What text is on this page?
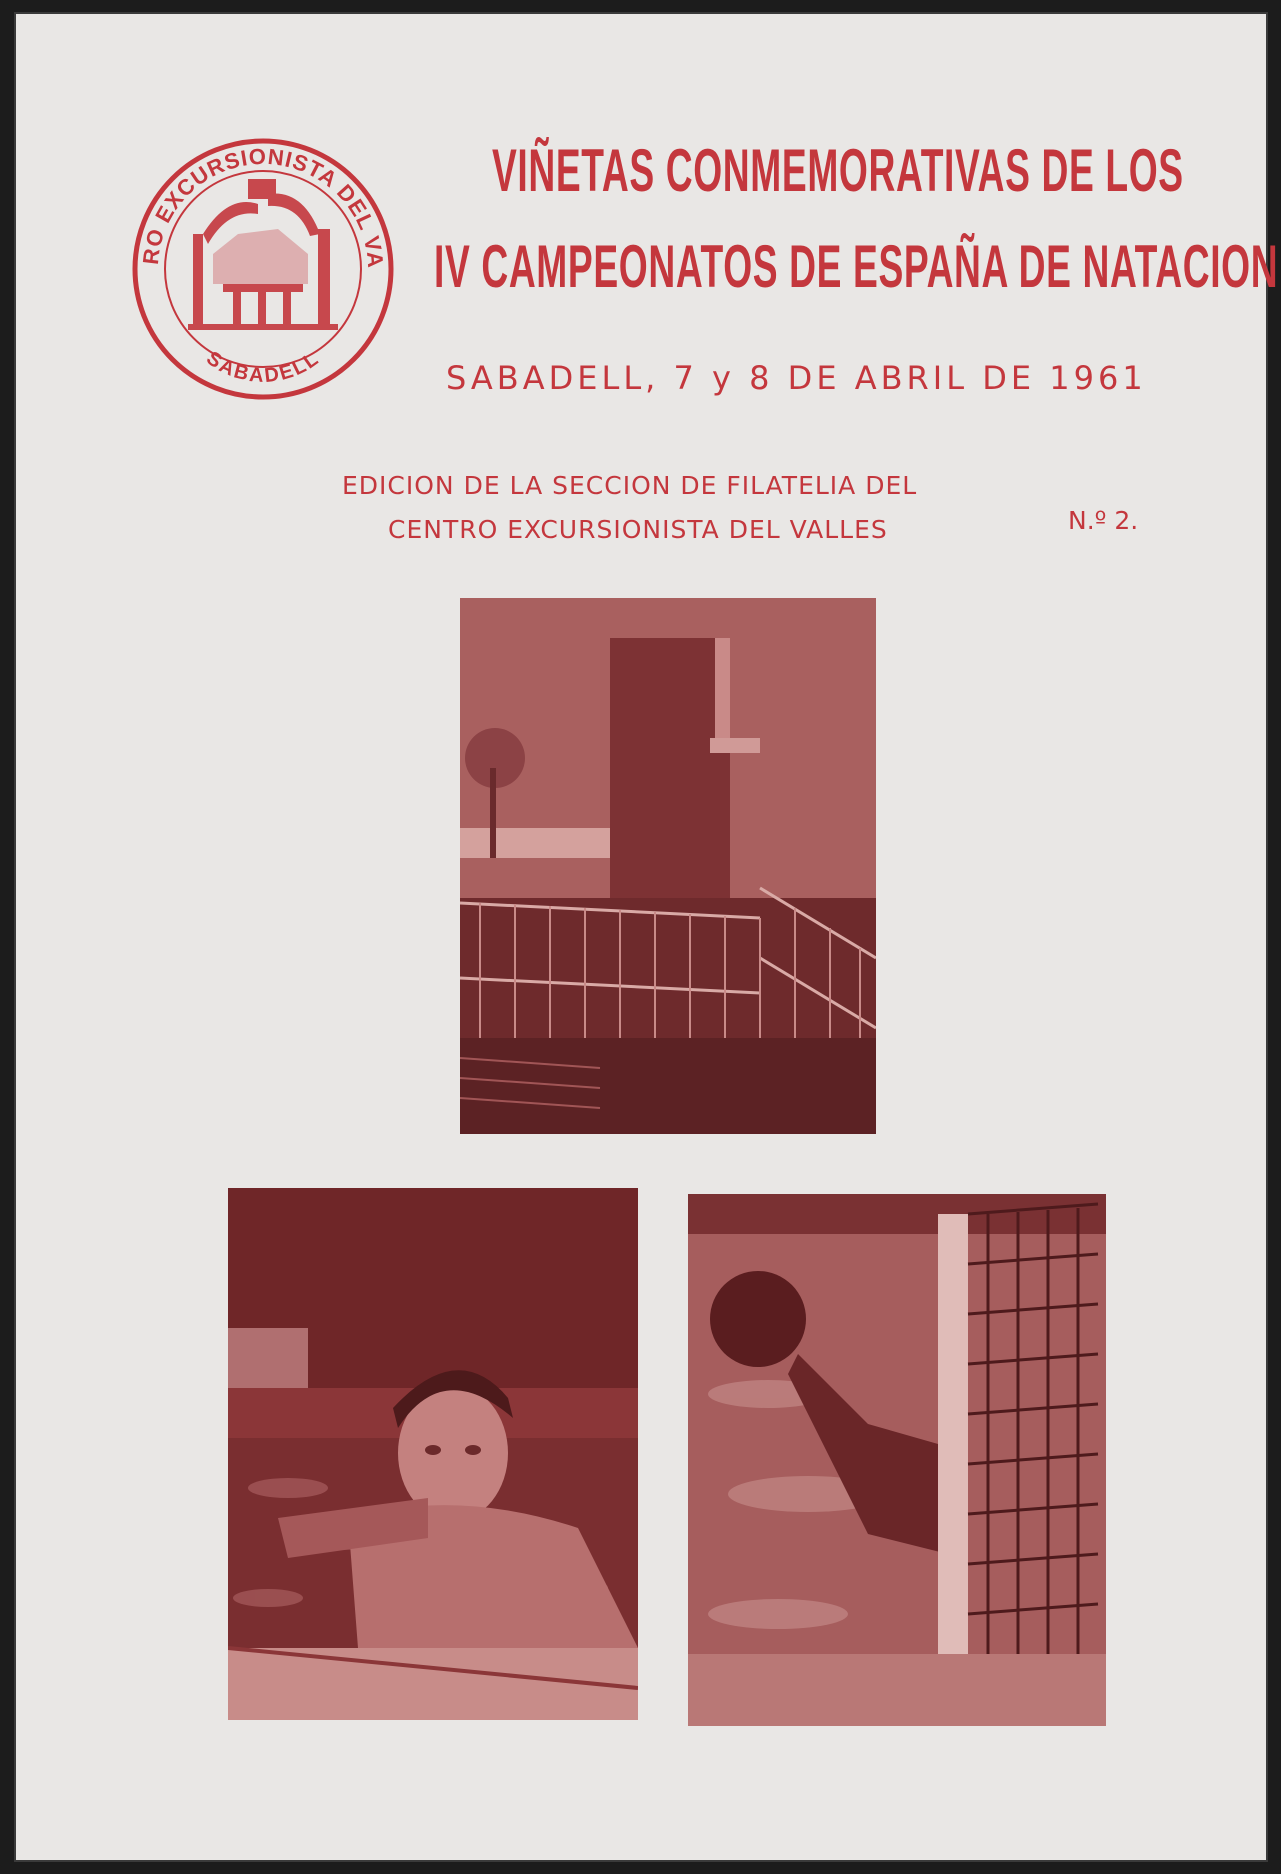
RO EXCURSIONISTA DEL VA
SABADELL
VIÑETAS CONMEMORATIVAS DE LOS
IV CAMPEONATOS DE ESPAÑA DE NATACION
SABADELL, 7 y 8 DE ABRIL DE 1961
EDICION DE LA SECCION DE FILATELIA DEL
CENTRO EXCURSIONISTA DEL VALLES	N.º 2.
